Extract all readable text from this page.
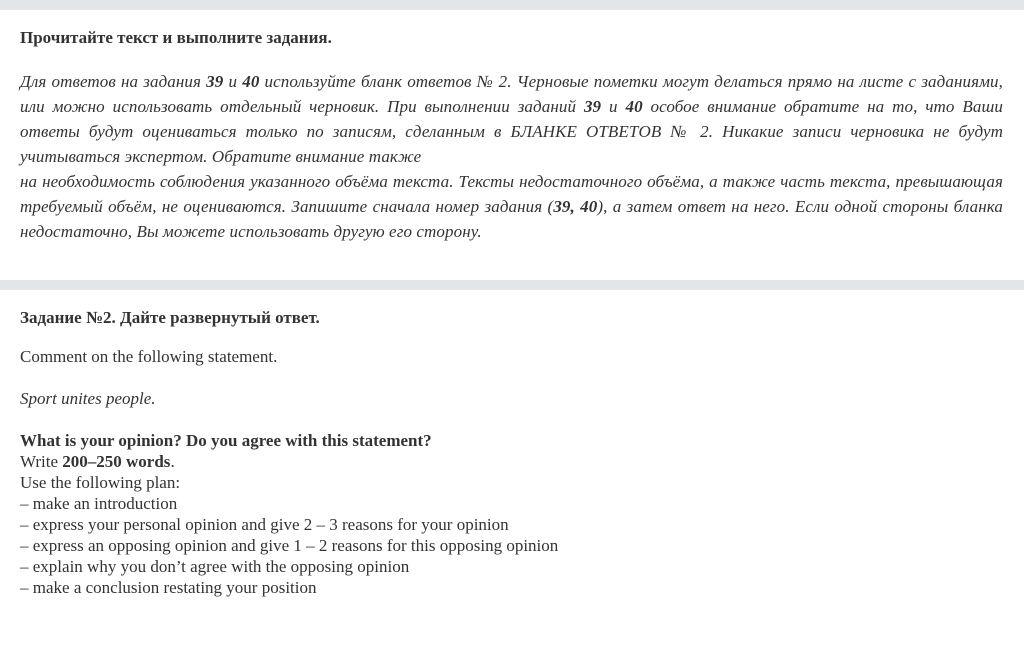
Прочитайте текст и выполните задания.

Для ответов на задания 39 и 40 используйте бланк ответов № 2. Черновые пометки могут делаться прямо на листе с заданиями, или можно использовать отдельный черновик. При выполнении заданий 39 и 40 особое внимание обратите на то, что Ваши ответы будут оцениваться только по записям, сделанным в БЛАНКЕ ОТВЕТОВ № 2. Никакие записи черновика не будут учитываться экспертом. Обратите внимание также

на необходимость соблюдения указанного объёма текста. Тексты недостаточного объёма, а также часть текста, превышающая требуемый объём, не оцениваются. Запишите сначала номер задания (39, 40), а затем ответ на него. Если одной стороны бланка недостаточно, Вы можете использовать другую его сторону.

Задание №2. Дайте развернутый ответ.
Comment on the following statement.
Sport unites people.
What is your opinion? Do you agree with this statement?
Write 200–250 words.
Use the following plan:
– make an introduction
– express your personal opinion and give 2 – 3 reasons for your opinion
– express an opposing opinion and give 1 – 2 reasons for this opposing opinion
– explain why you don’t agree with the opposing opinion
– make a conclusion restating your position
